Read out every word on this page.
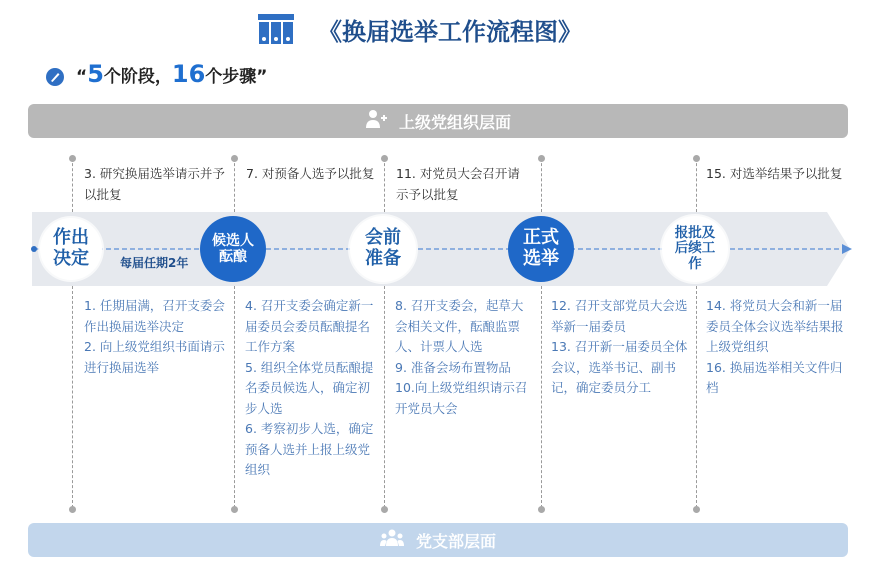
《换届选举工作流程图》
“5个阶段，16个步骤”
上级党组织层面
每届任期2年
3. 研究换届选举请示并予以批复
7. 对预备人选予以批复 11. 对党员大会召开请示予以批复
15. 对选举结果予以批复
作出
决定
候选人
酝酿
会前
准备
正式
选举
报批及
后续工
作
1. 任期届满，召开支委会作出换届选举决定
2. 向上级党组织书面请示进行换届选举
4. 召开支委会确定新一届委员会委员酝酿提名工作方案
5. 组织全体党员酝酿提名委员候选人，确定初步人选
6. 考察初步人选，确定预备人选并上报上级党组织
8. 召开支委会，起草大会相关文件，酝酿监票人、计票人人选
9. 准备会场布置物品
10.向上级党组织请示召开党员大会
12. 召开支部党员大会选举新一届委员
13. 召开新一届委员全体会议，选举书记、副书记，确定委员分工
14. 将党员大会和新一届委员全体会议选举结果报上级党组织
16. 换届选举相关文件归档
党支部层面
